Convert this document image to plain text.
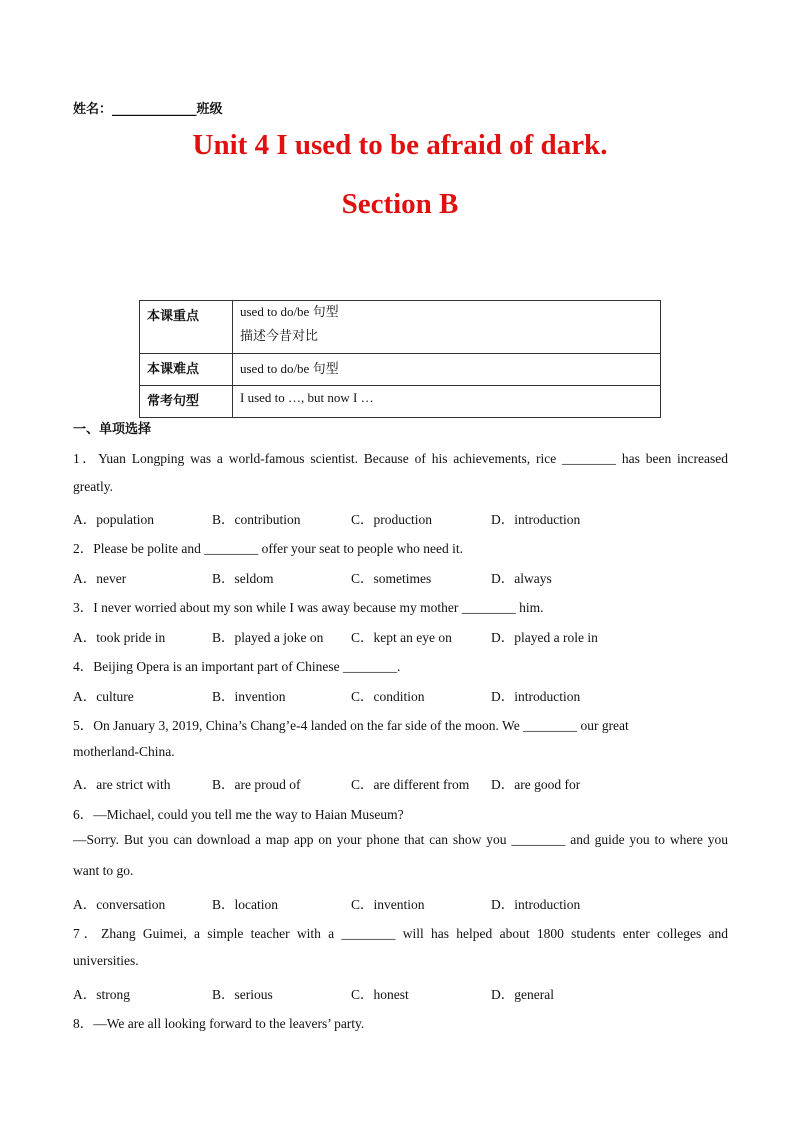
姓名：_____________班级
Unit 4 I used to be afraid of dark.
Section B
本课重点	used to do/be 句型
描述今昔对比

本课难点	used to do/be 句型

常考句型	I used to …, but now I …
一、单项选择
1．Yuan Longping was a world-famous scientist. Because of his achievements, rice ________ has been increased
greatly.
A．population	B．contribution	C．production	D．introduction
2．Please be polite and ________ offer your seat to people who need it.
A．never	B．seldom	C．sometimes	D．always
3．I never worried about my son while I was away because my mother ________ him.
A．took pride in	B．played a joke on C．kept an eye on	D．played a role in
4．Beijing Opera is an important part of Chinese ________.
A．culture	B．invention	C．condition	D．introduction
5．On January 3, 2019, China’s Chang’e-4 landed on the far side of the moon. We ________ our great
motherland-China.
A．are strict with	B．are proud of	C．are different from D．are good for
6．—Michael, could you tell me the way to Haian Museum?
—Sorry. But you can download a map app on your phone that can show you ________ and guide you to where you
want to go.
A．conversation	B．location	C．invention	D．introduction
7．Zhang Guimei, a simple teacher with a ________ will has helped about 1800 students enter colleges and
universities.
A．strong	B．serious	C．honest	D．general
8．—We are all looking forward to the leavers’ party.
